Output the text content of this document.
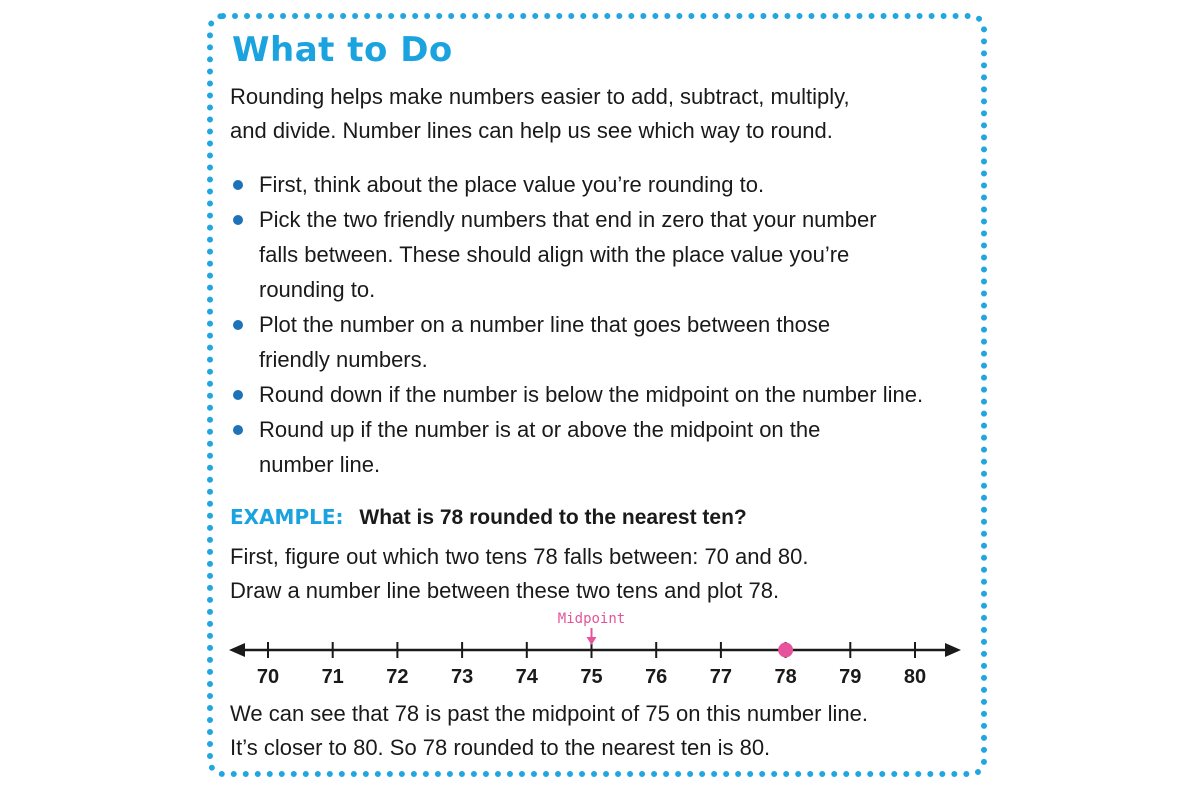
What to Do

Rounding helps make numbers easier to add, subtract, multiply,
and divide. Number lines can help us see which way to round.

First, think about the place value you’re rounding to.
Pick the two friendly numbers that end in zero that your number
falls between. These should align with the place value you’re
rounding to.
Plot the number on a number line that goes between those
friendly numbers.
Round down if the number is below the midpoint on the number line.
Round up if the number is at or above the midpoint on the
number line.
EXAMPLE: What is 78 rounded to the nearest ten?

First, figure out which two tens 78 falls between: 70 and 80.
Draw a number line between these two tens and plot 78.

70 71 72 73 74 75 76 77 78 79 80
Midpoint

We can see that 78 is past the midpoint of 75 on this number line.
It’s closer to 80. So 78 rounded to the nearest ten is 80.
